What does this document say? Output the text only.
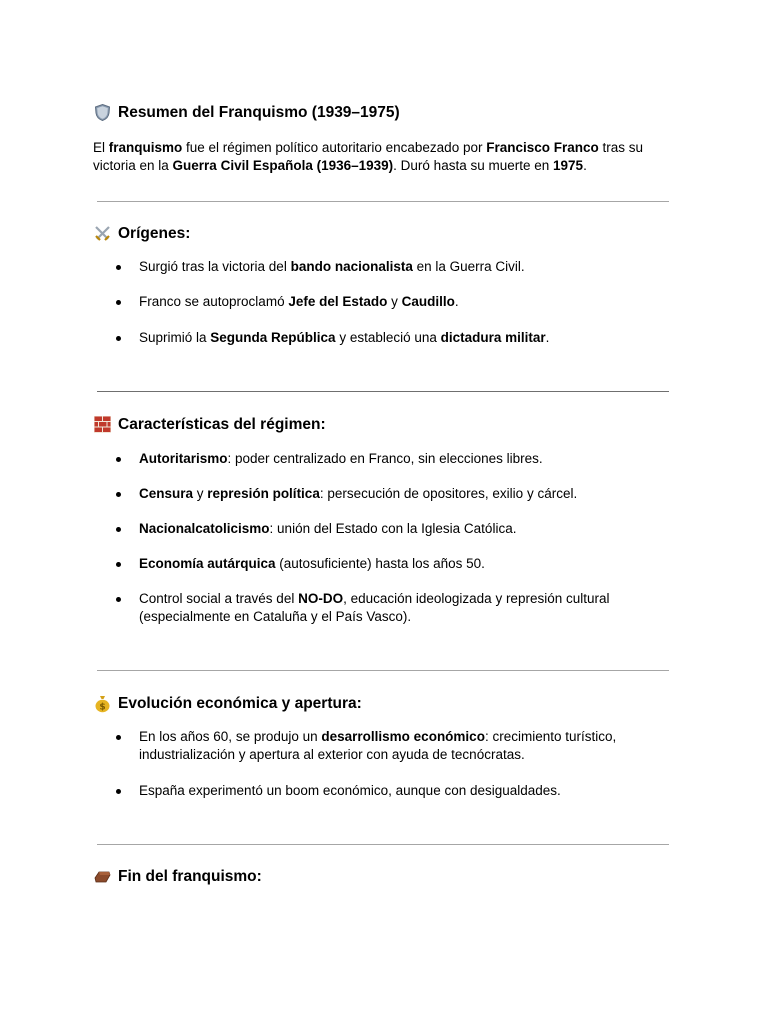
Resumen del Franquismo (1939–1975)

El franquismo fue el régimen político autoritario encabezado por Francisco Franco tras su victoria en la Guerra Civil Española (1936–1939). Duró hasta su muerte en 1975.

Orígenes:
Surgió tras la victoria del bando nacionalista en la Guerra Civil.
Franco se autoproclamó Jefe del Estado y Caudillo.
Suprimió la Segunda República y estableció una dictadura militar.
Características del régimen:
Autoritarismo: poder centralizado en Franco, sin elecciones libres.
Censura y represión política: persecución de opositores, exilio y cárcel.
Nacionalcatolicismo: unión del Estado con la Iglesia Católica.
Economía autárquica (autosuficiente) hasta los años 50.
Control social a través del NO-DO, educación ideologizada y represión cultural (especialmente en Cataluña y el País Vasco).
$ Evolución económica y apertura:
En los años 60, se produjo un desarrollismo económico: crecimiento turístico, industrialización y apertura al exterior con ayuda de tecnócratas.
España experimentó un boom económico, aunque con desigualdades.
Fin del franquismo:
